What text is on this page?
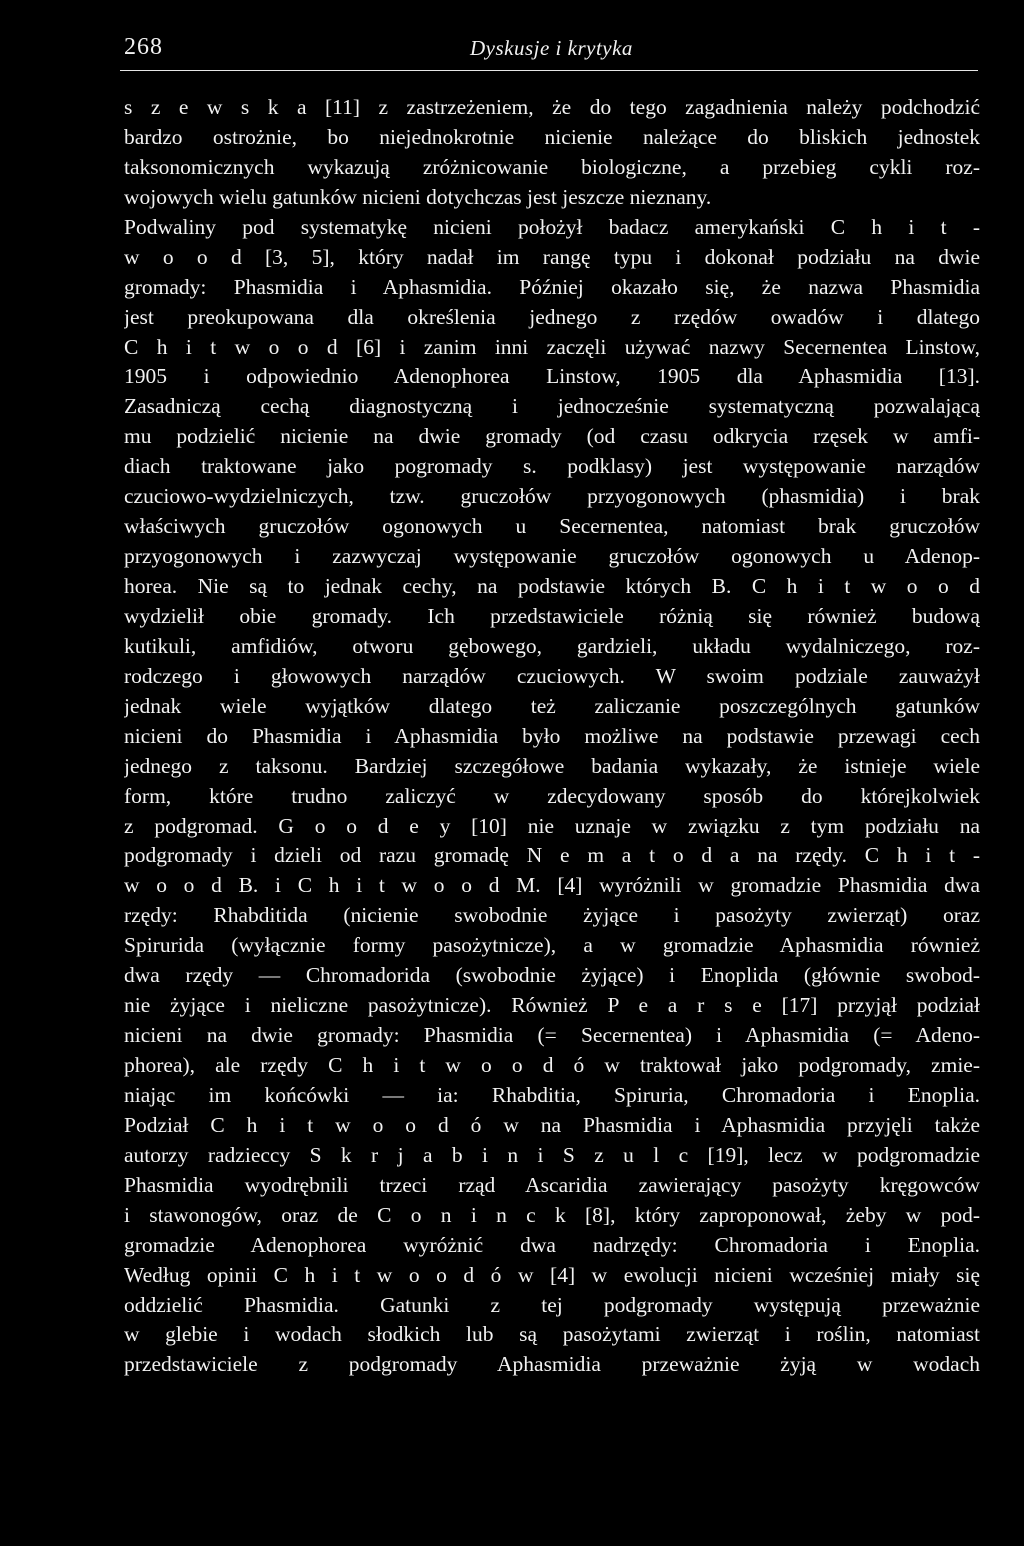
268	Dyskusje i krytyka
s z e w s k a [11] z zastrzeżeniem, że do tego zagadnienia należy podchodzić
bardzo ostrożnie, bo niejednokrotnie nicienie należące do bliskich jednostek
taksonomicznych wykazują zróżnicowanie biologiczne, a przebieg cykli roz-
wojowych wielu gatunków nicieni dotychczas jest jeszcze nieznany.
Podwaliny pod systematykę nicieni położył badacz amerykański C h i t -
w o o d [3, 5], który nadał im rangę typu i dokonał podziału na dwie
gromady: Phasmidia i Aphasmidia. Później okazało się, że nazwa Phasmidia
jest preokupowana dla określenia jednego z rzędów owadów i dlatego
C h i t w o o d [6] i zanim inni zaczęli używać nazwy Secernentea Linstow,
1905 i odpowiednio Adenophorea Linstow, 1905 dla Aphasmidia [13].
Zasadniczą cechą diagnostyczną i jednocześnie systematyczną pozwalającą
mu podzielić nicienie na dwie gromady (od czasu odkrycia rzęsek w amfi-
diach traktowane jako pogromady s. podklasy) jest występowanie narządów
czuciowo-wydzielniczych, tzw. gruczołów przyogonowych (phasmidia) i brak
właściwych gruczołów ogonowych u Secernentea, natomiast brak gruczołów
przyogonowych i zazwyczaj występowanie gruczołów ogonowych u Adenop-
horea. Nie są to jednak cechy, na podstawie których B. C h i t w o o d
wydzielił obie gromady. Ich przedstawiciele różnią się również budową
kutikuli, amfidiów, otworu gębowego, gardzieli, układu wydalniczego, roz-
rodczego i głowowych narządów czuciowych. W swoim podziale zauważył
jednak wiele wyjątków dlatego też zaliczanie poszczególnych gatunków
nicieni do Phasmidia i Aphasmidia było możliwe na podstawie przewagi cech
jednego z taksonu. Bardziej szczegółowe badania wykazały, że istnieje wiele
form, które trudno zaliczyć w zdecydowany sposób do którejkolwiek
z podgromad. G o o d e y [10] nie uznaje w związku z tym podziału na
podgromady i dzieli od razu gromadę N e m a t o d a na rzędy. C h i t -
w o o d B. i C h i t w o o d M. [4] wyróżnili w gromadzie Phasmidia dwa
rzędy: Rhabditida (nicienie swobodnie żyjące i pasożyty zwierząt) oraz
Spirurida (wyłącznie formy pasożytnicze), a w gromadzie Aphasmidia również
dwa rzędy — Chromadorida (swobodnie żyjące) i Enoplida (głównie swobod-
nie żyjące i nieliczne pasożytnicze). Również P e a r s e [17] przyjął podział
nicieni na dwie gromady: Phasmidia (= Secernentea) i Aphasmidia (= Adeno-
phorea), ale rzędy C h i t w o o d ó w traktował jako podgromady, zmie-
niając im końcówki — ia: Rhabditia, Spiruria, Chromadoria i Enoplia.
Podział C h i t w o o d ó w na Phasmidia i Aphasmidia przyjęli także
autorzy radzieccy S k r j a b i n i S z u l c [19], lecz w podgromadzie
Phasmidia wyodrębnili trzeci rząd Ascaridia zawierający pasożyty kręgowców
i stawonogów, oraz de C o n i n c k [8], który zaproponował, żeby w pod-
gromadzie Adenophorea wyróżnić dwa nadrzędy: Chromadoria i Enoplia.
Według opinii C h i t w o o d ó w [4] w ewolucji nicieni wcześniej miały się
oddzielić Phasmidia. Gatunki z tej podgromady występują przeważnie
w glebie i wodach słodkich lub są pasożytami zwierząt i roślin, natomiast
przedstawiciele z podgromady Aphasmidia przeważnie żyją w wodach
